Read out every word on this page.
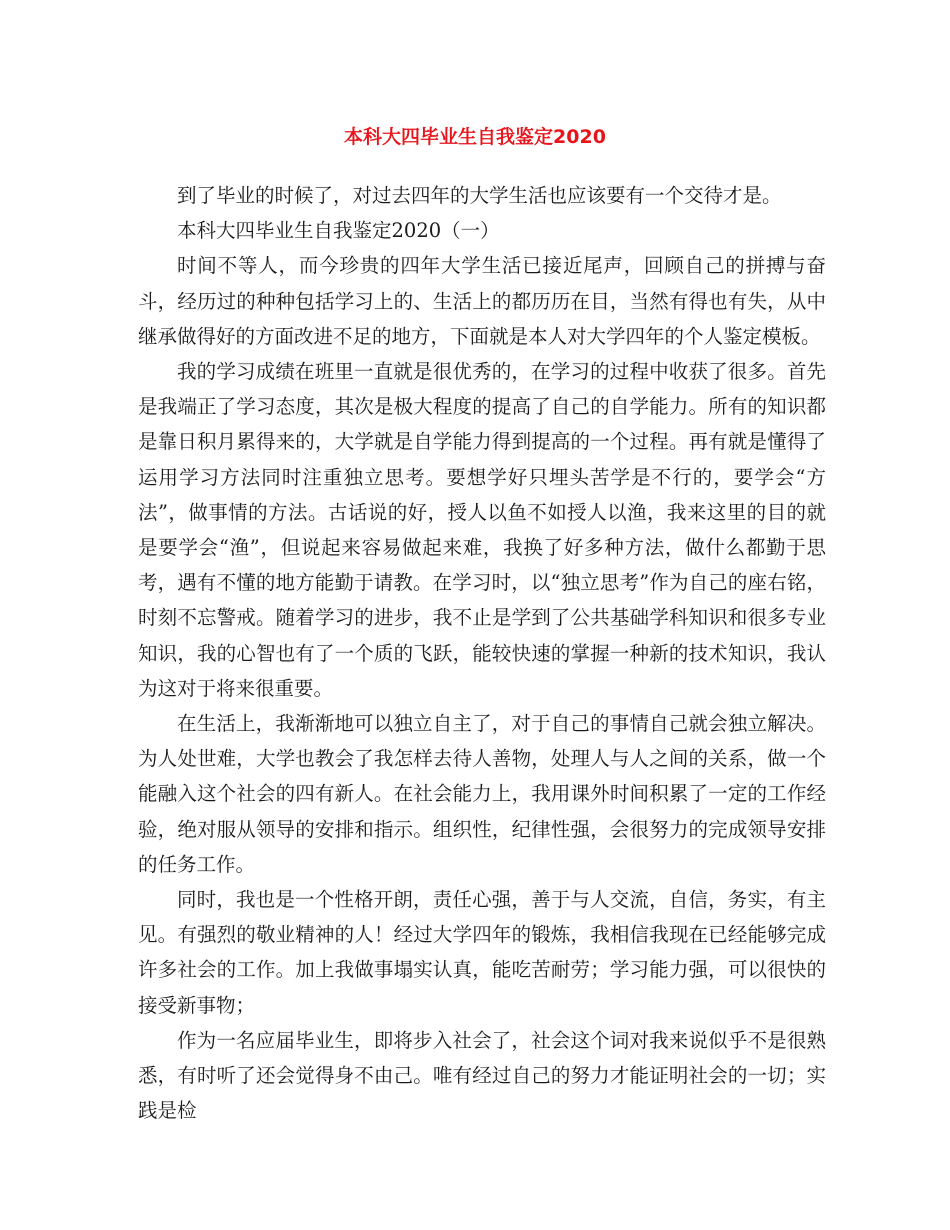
本科大四毕业生自我鉴定2020

到了毕业的时候了，对过去四年的大学生活也应该要有一个交待才是。

本科大四毕业生自我鉴定2020（一）

时间不等人，而今珍贵的四年大学生活已接近尾声，回顾自己的拼搏与奋斗，经历过的种种包括学习上的、生活上的都历历在目，当然有得也有失，从中继承做得好的方面改进不足的地方，下面就是本人对大学四年的个人鉴定模板。

我的学习成绩在班里一直就是很优秀的，在学习的过程中收获了很多。首先是我端正了学习态度，其次是极大程度的提高了自己的自学能力。所有的知识都是靠日积月累得来的，大学就是自学能力得到提高的一个过程。再有就是懂得了运用学习方法同时注重独立思考。要想学好只埋头苦学是不行的，要学会“方法”，做事情的方法。古话说的好，授人以鱼不如授人以渔，我来这里的目的就是要学会“渔”，但说起来容易做起来难，我换了好多种方法，做什么都勤于思考，遇有不懂的地方能勤于请教。在学习时，以“独立思考”作为自己的座右铭，时刻不忘警戒。随着学习的进步，我不止是学到了公共基础学科知识和很多专业知识，我的心智也有了一个质的飞跃，能较快速的掌握一种新的技术知识，我认为这对于将来很重要。

在生活上，我渐渐地可以独立自主了，对于自己的事情自己就会独立解决。为人处世难，大学也教会了我怎样去待人善物，处理人与人之间的关系，做一个能融入这个社会的四有新人。在社会能力上，我用课外时间积累了一定的工作经验，绝对服从领导的安排和指示。组织性，纪律性强，会很努力的完成领导安排的任务工作。

同时，我也是一个性格开朗，责任心强，善于与人交流，自信，务实，有主见。有强烈的敬业精神的人！经过大学四年的锻炼，我相信我现在已经能够完成许多社会的工作。加上我做事塌实认真，能吃苦耐劳；学习能力强，可以很快的接受新事物；

作为一名应届毕业生，即将步入社会了，社会这个词对我来说似乎不是很熟悉，有时听了还会觉得身不由己。唯有经过自己的努力才能证明社会的一切；实践是检
